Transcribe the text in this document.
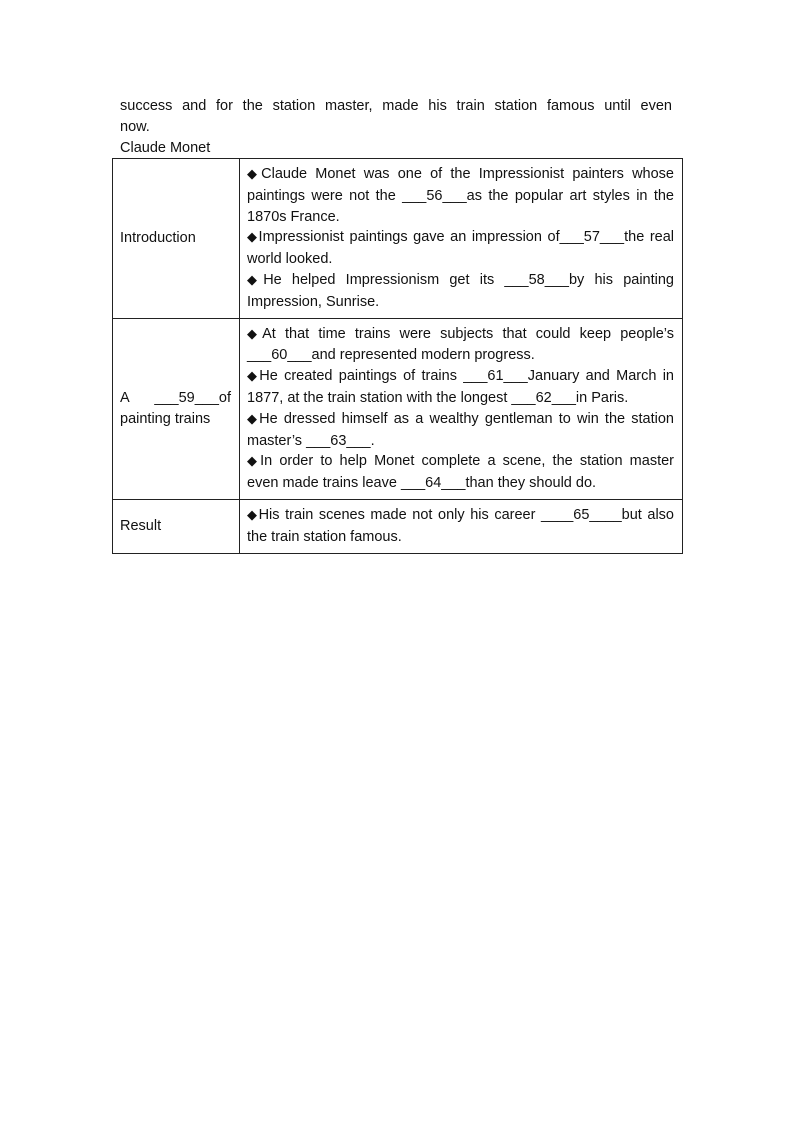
success and for the station master, made his train station famous until even
now.

Claude Monet

Introduction	◆Claude Monet was one of the Impressionist painters whose paintings were not the ___56___as the popular art styles in the 1870s France.
◆Impressionist paintings gave an impression of___57___the real world looked.
◆He helped Impressionism get its ___58___by his painting Impression, Sunrise.

A ___59___of painting trains	◆At that time trains were subjects that could keep people’s ___60___and represented modern progress.
◆He created paintings of trains ___61___January and March in 1877, at the train station with the longest ___62___in Paris.
◆He dressed himself as a wealthy gentleman to win the station master’s ___63___.
◆In order to help Monet complete a scene, the station master even made trains leave ___64___than they should do.

Result	◆His train scenes made not only his career ____65____but also the train station famous.
